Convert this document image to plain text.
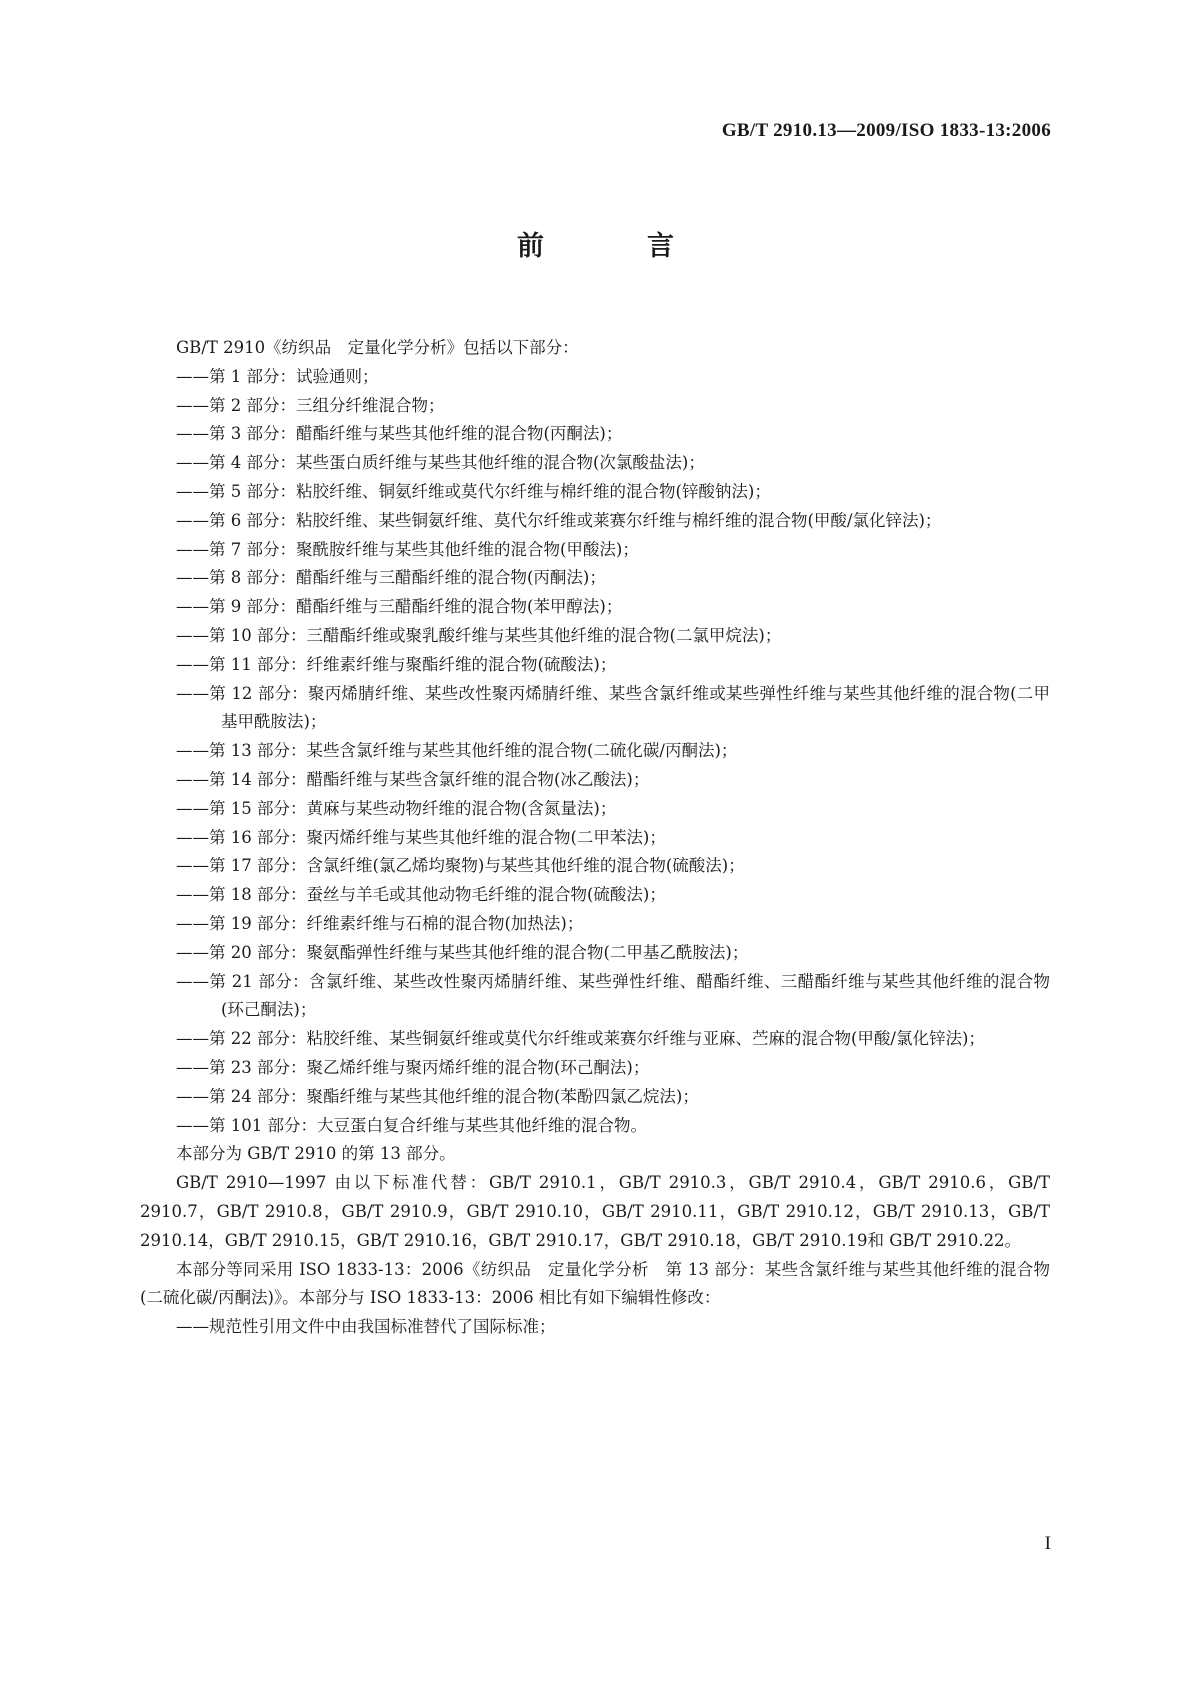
GB/T 2910.13—2009/ISO 1833-13:2006
前　言

GB/T 2910《纺织品　定量化学分析》包括以下部分：

——第 1 部分：试验通则；

——第 2 部分：三组分纤维混合物；

——第 3 部分：醋酯纤维与某些其他纤维的混合物(丙酮法)；

——第 4 部分：某些蛋白质纤维与某些其他纤维的混合物(次氯酸盐法)；

——第 5 部分：粘胶纤维、铜氨纤维或莫代尔纤维与棉纤维的混合物(锌酸钠法)；

——第 6 部分：粘胶纤维、某些铜氨纤维、莫代尔纤维或莱赛尔纤维与棉纤维的混合物(甲酸/氯化锌法)；

——第 7 部分：聚酰胺纤维与某些其他纤维的混合物(甲酸法)；

——第 8 部分：醋酯纤维与三醋酯纤维的混合物(丙酮法)；

——第 9 部分：醋酯纤维与三醋酯纤维的混合物(苯甲醇法)；

——第 10 部分：三醋酯纤维或聚乳酸纤维与某些其他纤维的混合物(二氯甲烷法)；

——第 11 部分：纤维素纤维与聚酯纤维的混合物(硫酸法)；

——第 12 部分：聚丙烯腈纤维、某些改性聚丙烯腈纤维、某些含氯纤维或某些弹性纤维与某些其他纤维的混合物(二甲基甲酰胺法)；

——第 13 部分：某些含氯纤维与某些其他纤维的混合物(二硫化碳/丙酮法)；

——第 14 部分：醋酯纤维与某些含氯纤维的混合物(冰乙酸法)；

——第 15 部分：黄麻与某些动物纤维的混合物(含氮量法)；

——第 16 部分：聚丙烯纤维与某些其他纤维的混合物(二甲苯法)；

——第 17 部分：含氯纤维(氯乙烯均聚物)与某些其他纤维的混合物(硫酸法)；

——第 18 部分：蚕丝与羊毛或其他动物毛纤维的混合物(硫酸法)；

——第 19 部分：纤维素纤维与石棉的混合物(加热法)；

——第 20 部分：聚氨酯弹性纤维与某些其他纤维的混合物(二甲基乙酰胺法)；

——第 21 部分：含氯纤维、某些改性聚丙烯腈纤维、某些弹性纤维、醋酯纤维、三醋酯纤维与某些其他纤维的混合物(环己酮法)；

——第 22 部分：粘胶纤维、某些铜氨纤维或莫代尔纤维或莱赛尔纤维与亚麻、苎麻的混合物(甲酸/氯化锌法)；

——第 23 部分：聚乙烯纤维与聚丙烯纤维的混合物(环己酮法)；

——第 24 部分：聚酯纤维与某些其他纤维的混合物(苯酚四氯乙烷法)；

——第 101 部分：大豆蛋白复合纤维与某些其他纤维的混合物。

本部分为 GB/T 2910 的第 13 部分。

GB/T 2910—1997 由以下标准代替：GB/T 2910.1，GB/T 2910.3，GB/T 2910.4，GB/T 2910.6，GB/T 2910.7，GB/T 2910.8，GB/T 2910.9，GB/T 2910.10，GB/T 2910.11，GB/T 2910.12，GB/T 2910.13，GB/T 2910.14，GB/T 2910.15，GB/T 2910.16，GB/T 2910.17，GB/T 2910.18，GB/T 2910.19和 GB/T 2910.22。

本部分等同采用 ISO 1833-13：2006《纺织品　定量化学分析　第 13 部分：某些含氯纤维与某些其他纤维的混合物(二硫化碳/丙酮法)》。本部分与 ISO 1833-13：2006 相比有如下编辑性修改：

——规范性引用文件中由我国标准替代了国际标准；

I
